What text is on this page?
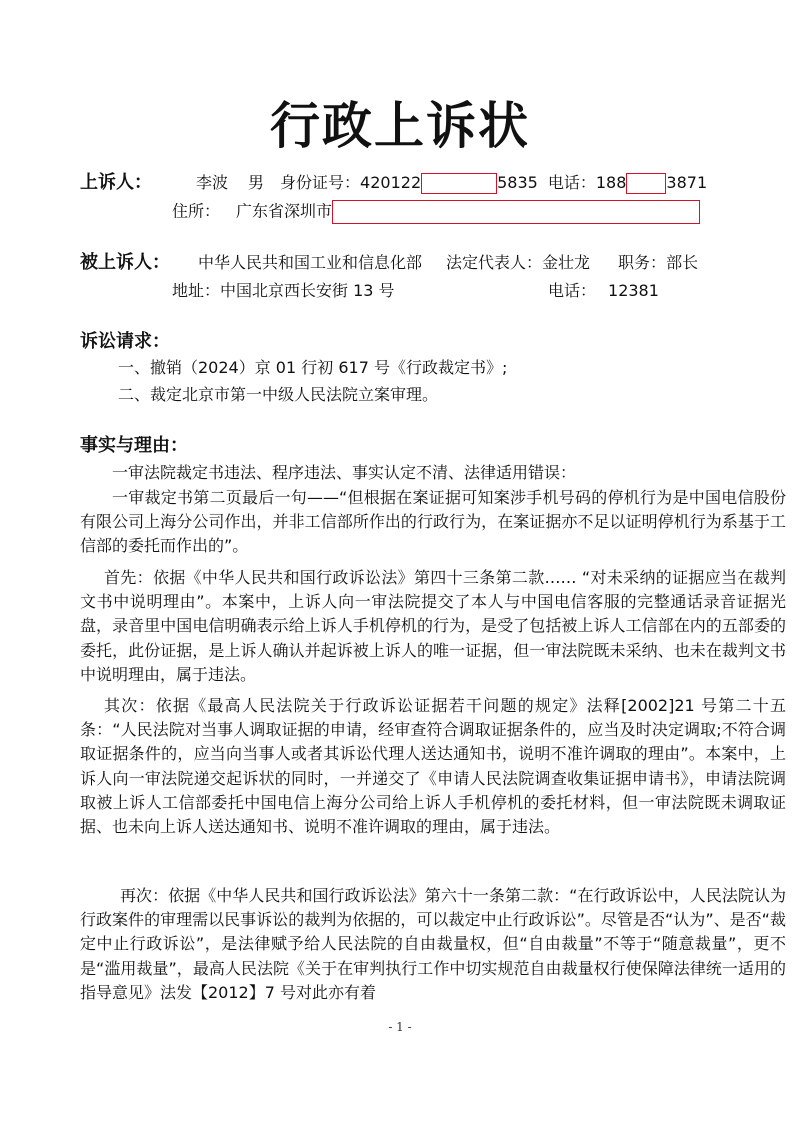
行政上诉状
上诉人：	李波 男 身份证号：420122	5835 电话：188	3871
住所： 广东省深圳市
被上诉人： 中华人民共和国工业和信息化部 法定代表人：金壮龙 职务：部长
地址：中国北京西长安街 13 号	电话： 12381
诉讼请求：
一、撤销（2024）京 01 行初 617 号《行政裁定书》;
二、裁定北京市第一中级人民法院立案审理。
事实与理由：
一审法院裁定书违法、程序违法、事实认定不清、法律适用错误：
一审裁定书第二页最后一句——“但根据在案证据可知案涉手机号码的停机行为是中国电信股份有限公司上海分公司作出，并非工信部所作出的行政行为，在案证据亦不足以证明停机行为系基于工信部的委托而作出的”。
首先：依据《中华人民共和国行政诉讼法》第四十三条第二款…… “对未采纳的证据应当在裁判文书中说明理由”。本案中，上诉人向一审法院提交了本人与中国电信客服的完整通话录音证据光盘，录音里中国电信明确表示给上诉人手机停机的行为，是受了包括被上诉人工信部在内的五部委的委托，此份证据，是上诉人确认并起诉被上诉人的唯一证据，但一审法院既未采纳、也未在裁判文书中说明理由，属于违法。
其次：依据《最高人民法院关于行政诉讼证据若干问题的规定》法释[2002]21 号第二十五条：“人民法院对当事人调取证据的申请，经审查符合调取证据条件的，应当及时决定调取;不符合调取证据条件的，应当向当事人或者其诉讼代理人送达通知书，说明不准许调取的理由”。本案中，上诉人向一审法院递交起诉状的同时，一并递交了《申请人民法院调查收集证据申请书》，申请法院调取被上诉人工信部委托中国电信上海分公司给上诉人手机停机的委托材料，但一审法院既未调取证据、也未向上诉人送达通知书、说明不准许调取的理由，属于违法。
再次：依据《中华人民共和国行政诉讼法》第六十一条第二款：“在行政诉讼中，人民法院认为行政案件的审理需以民事诉讼的裁判为依据的，可以裁定中止行政诉讼”。尽管是否“认为”、是否“裁定中止行政诉讼”，是法律赋予给人民法院的自由裁量权，但“自由裁量”不等于“随意裁量”，更不是“滥用裁量”，最高人民法院《关于在审判执行工作中切实规范自由裁量权行使保障法律统一适用的指导意见》法发【2012】7 号对此亦有着
- 1 -
